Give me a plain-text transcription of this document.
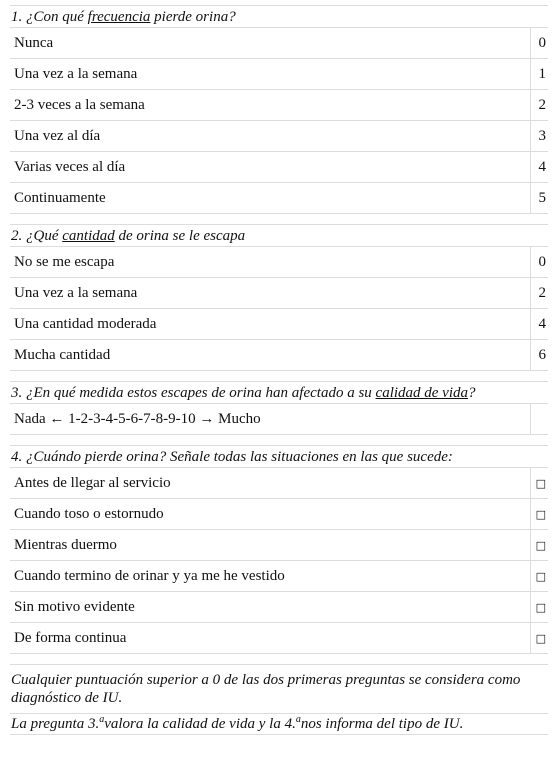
1. ¿Con qué frecuencia pierde orina?	
Nunca	0
Una vez a la semana	1
2-3 veces a la semana	2
Una vez al día	3
Varias veces al día	4
Continuamente	5

2. ¿Qué cantidad de orina se le escapa	
No se me escapa	0
Una vez a la semana	2
Una cantidad moderada	4
Mucha cantidad	6

3. ¿En qué medida estos escapes de orina han afectado a su calidad de vida?	
Nada ← 1-2-3-4-5-6-7-8-9-10 → Mucho	

4. ¿Cuándo pierde orina? Señale todas las situaciones en las que sucede:	
Antes de llegar al servicio	□
Cuando toso o estornudo	□
Mientras duermo	□
Cuando termino de orinar y ya me he vestido	□
Sin motivo evidente	□
De forma continua	□

Cualquier puntuación superior a 0 de las dos primeras preguntas se considera como diagnóstico de IU.	
La pregunta 3.$^a$valora la calidad de vida y la 4.$^a$nos informa del tipo de IU.	
